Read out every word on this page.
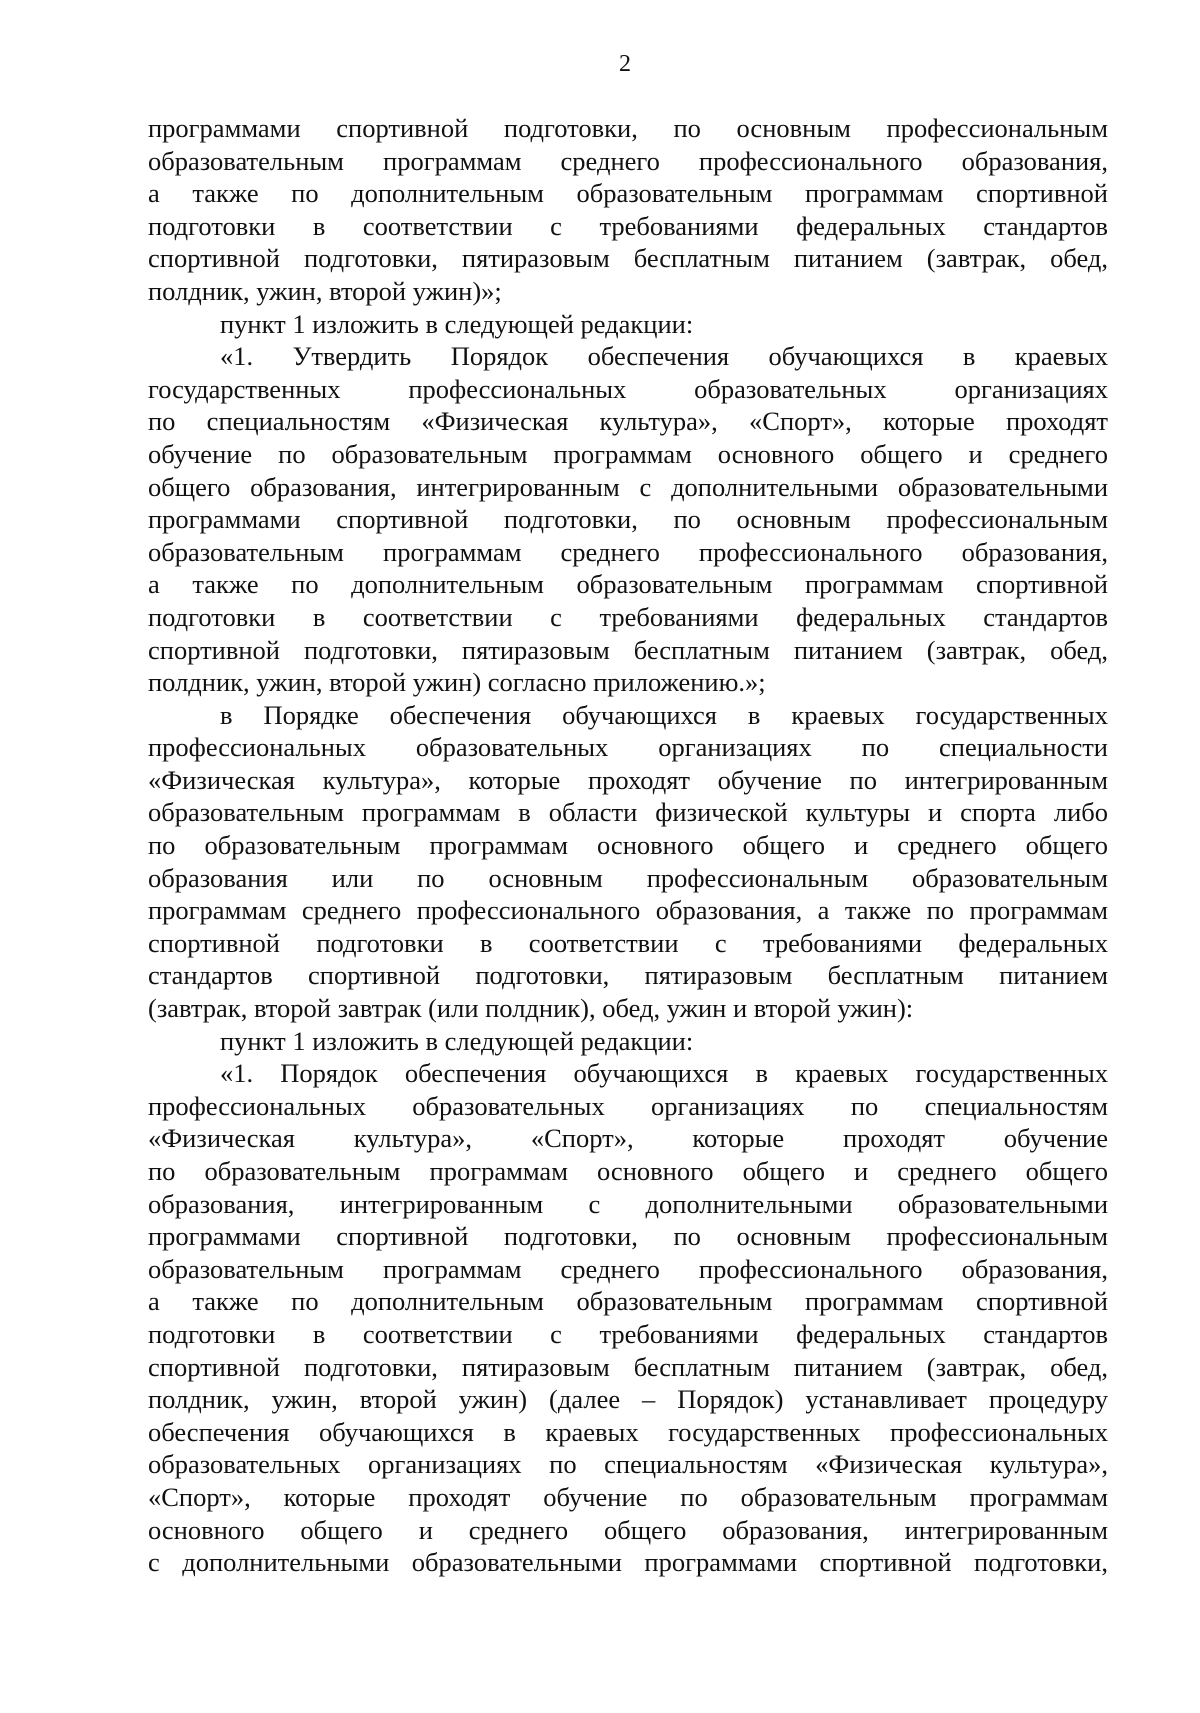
2
программами спортивной подготовки, по основным профессиональным
образовательным программам среднего профессионального образования,
а также по дополнительным образовательным программам спортивной
подготовки в соответствии с требованиями федеральных стандартов
спортивной подготовки, пятиразовым бесплатным питанием (завтрак, обед,
полдник, ужин, второй ужин)»;
пункт 1 изложить в следующей редакции:
«1. Утвердить Порядок обеспечения обучающихся в краевых
государственных профессиональных образовательных организациях
по специальностям «Физическая культура», «Спорт», которые проходят
обучение по образовательным программам основного общего и среднего
общего образования, интегрированным с дополнительными образовательными
программами спортивной подготовки, по основным профессиональным
образовательным программам среднего профессионального образования,
а также по дополнительным образовательным программам спортивной
подготовки в соответствии с требованиями федеральных стандартов
спортивной подготовки, пятиразовым бесплатным питанием (завтрак, обед,
полдник, ужин, второй ужин) согласно приложению.»;
в Порядке обеспечения обучающихся в краевых государственных
профессиональных образовательных организациях по специальности
«Физическая культура», которые проходят обучение по интегрированным
образовательным программам в области физической культуры и спорта либо
по образовательным программам основного общего и среднего общего
образования или по основным профессиональным образовательным
программам среднего профессионального образования, а также по программам
спортивной подготовки в соответствии с требованиями федеральных
стандартов спортивной подготовки, пятиразовым бесплатным питанием
(завтрак, второй завтрак (или полдник), обед, ужин и второй ужин):
пункт 1 изложить в следующей редакции:
«1. Порядок обеспечения обучающихся в краевых государственных
профессиональных образовательных организациях по специальностям
«Физическая культура», «Спорт», которые проходят обучение
по образовательным программам основного общего и среднего общего
образования, интегрированным с дополнительными образовательными
программами спортивной подготовки, по основным профессиональным
образовательным программам среднего профессионального образования,
а также по дополнительным образовательным программам спортивной
подготовки в соответствии с требованиями федеральных стандартов
спортивной подготовки, пятиразовым бесплатным питанием (завтрак, обед,
полдник, ужин, второй ужин) (далее – Порядок) устанавливает процедуру
обеспечения обучающихся в краевых государственных профессиональных
образовательных организациях по специальностям «Физическая культура»,
«Спорт», которые проходят обучение по образовательным программам
основного общего и среднего общего образования, интегрированным
с дополнительными образовательными программами спортивной подготовки,
